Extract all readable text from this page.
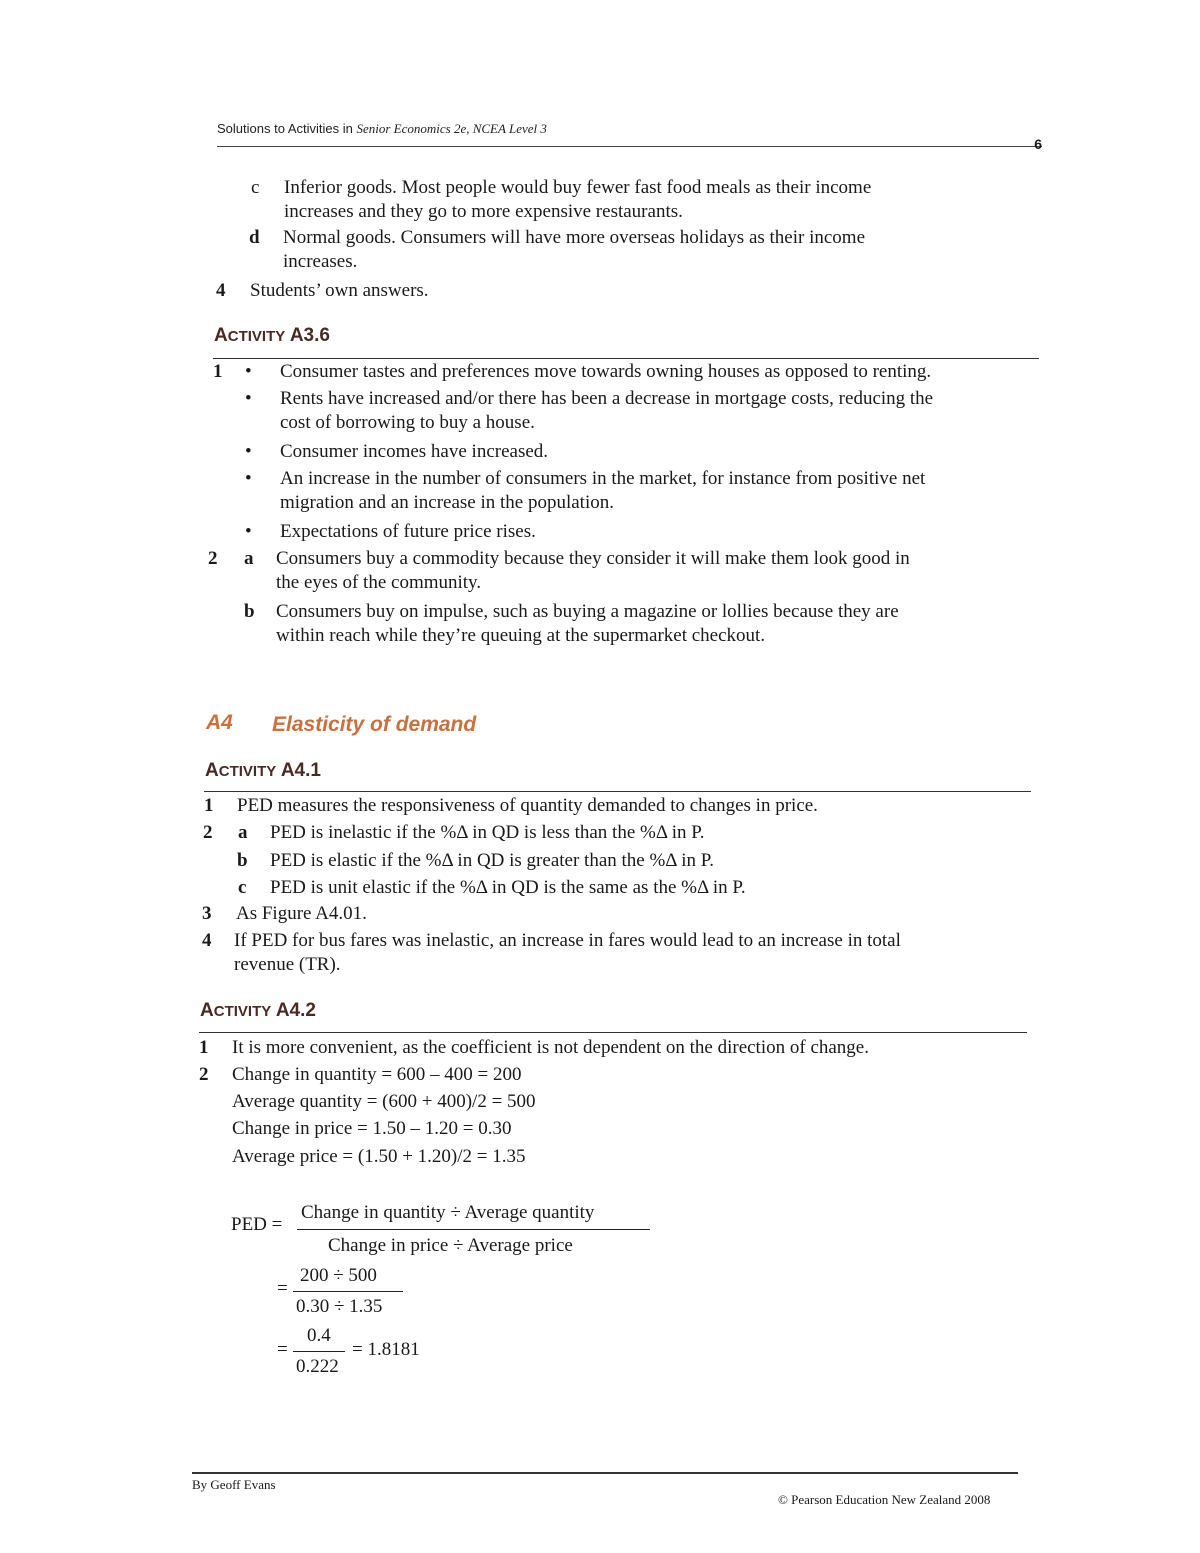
Solutions to Activities in Senior Economics 2e, NCEA Level 3
6
c Inferior goods. Most people would buy fewer fast food meals as their income
increases and they go to more expensive restaurants.
d Normal goods. Consumers will have more overseas holidays as their income
increases.
4 Students’ own answers.
ACTIVITY A3.6
1 • Consumer tastes and preferences move towards owning houses as opposed to renting.
• Rents have increased and/or there has been a decrease in mortgage costs, reducing the
cost of borrowing to buy a house.
• Consumer incomes have increased.
• An increase in the number of consumers in the market, for instance from positive net
migration and an increase in the population.
• Expectations of future price rises.
2 a Consumers buy a commodity because they consider it will make them look good in
the eyes of the community.
b Consumers buy on impulse, such as buying a magazine or lollies because they are
within reach while they’re queuing at the supermarket checkout.
A4 Elasticity of demand
ACTIVITY A4.1
1 PED measures the responsiveness of quantity demanded to changes in price.
2 a PED is inelastic if the %Δ in QD is less than the %Δ in P.
b PED is elastic if the %Δ in QD is greater than the %Δ in P.
c PED is unit elastic if the %Δ in QD is the same as the %Δ in P.
3 As Figure A4.01.
4 If PED for bus fares was inelastic, an increase in fares would lead to an increase in total
revenue (TR).
ACTIVITY A4.2
1 It is more convenient, as the coefficient is not dependent on the direction of change.
2 Change in quantity = 600 – 400 = 200
Average quantity = (600 + 400)/2 = 500
Change in price = 1.50 – 1.20 = 0.30
Average price = (1.50 + 1.20)/2 = 1.35
PED =
Change in quantity ÷ Average quantity
Change in price ÷ Average price
=
200 ÷ 500
0.30 ÷ 1.35
=
0.4
0.222
= 1.8181
By Geoff Evans
© Pearson Education New Zealand 2008
